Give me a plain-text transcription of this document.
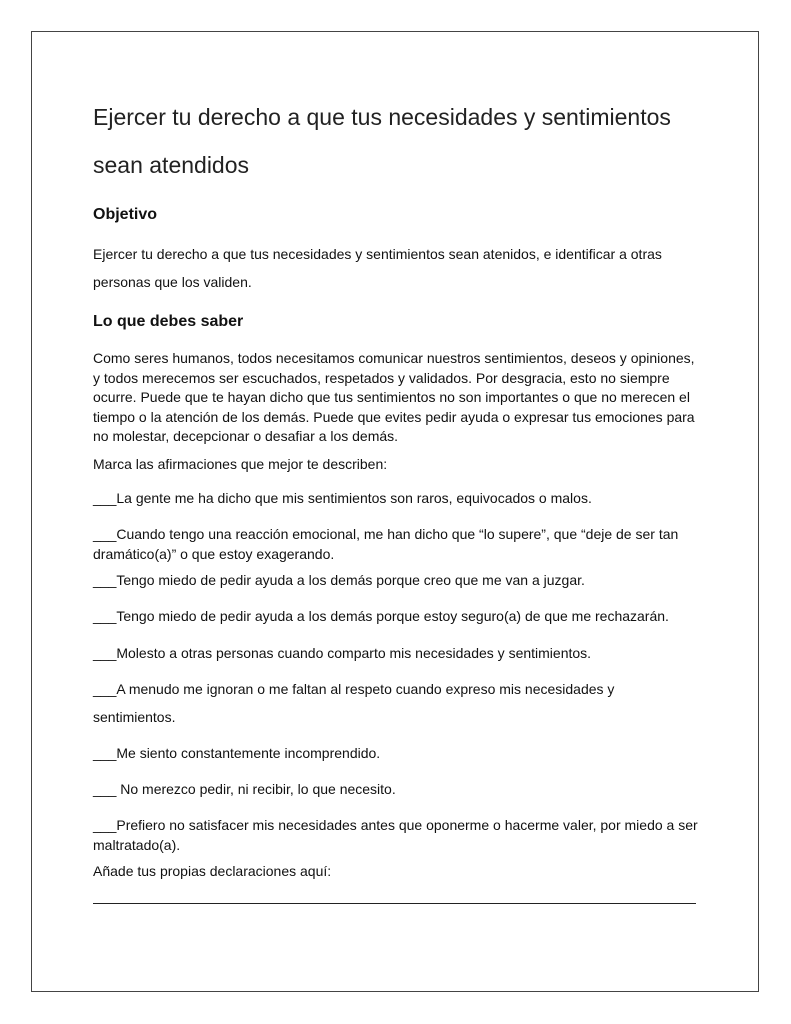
Ejercer tu derecho a que tus necesidades y sentimientos sean atendidos
Objetivo

Ejercer tu derecho a que tus necesidades y sentimientos sean atenidos, e identificar a otras personas que los validen.

Lo que debes saber

Como seres humanos, todos necesitamos comunicar nuestros sentimientos, deseos y opiniones, y todos merecemos ser escuchados, respetados y validados. Por desgracia, esto no siempre ocurre. Puede que te hayan dicho que tus sentimientos no son importantes o que no merecen el tiempo o la atención de los demás. Puede que evites pedir ayuda o expresar tus emociones para no molestar, decepcionar o desafiar a los demás.

Marca las afirmaciones que mejor te describen:

___La gente me ha dicho que mis sentimientos son raros, equivocados o malos.

___Cuando tengo una reacción emocional, me han dicho que “lo supere”, que “deje de ser tan dramático(a)” o que estoy exagerando.

___Tengo miedo de pedir ayuda a los demás porque creo que me van a juzgar.

___Tengo miedo de pedir ayuda a los demás porque estoy seguro(a) de que me rechazarán.

___Molesto a otras personas cuando comparto mis necesidades y sentimientos.

___A menudo me ignoran o me faltan al respeto cuando expreso mis necesidades y sentimientos.

___Me siento constantemente incomprendido.

___ No merezco pedir, ni recibir, lo que necesito.

___Prefiero no satisfacer mis necesidades antes que oponerme o hacerme valer, por miedo a ser maltratado(a).

Añade tus propias declaraciones aquí:
